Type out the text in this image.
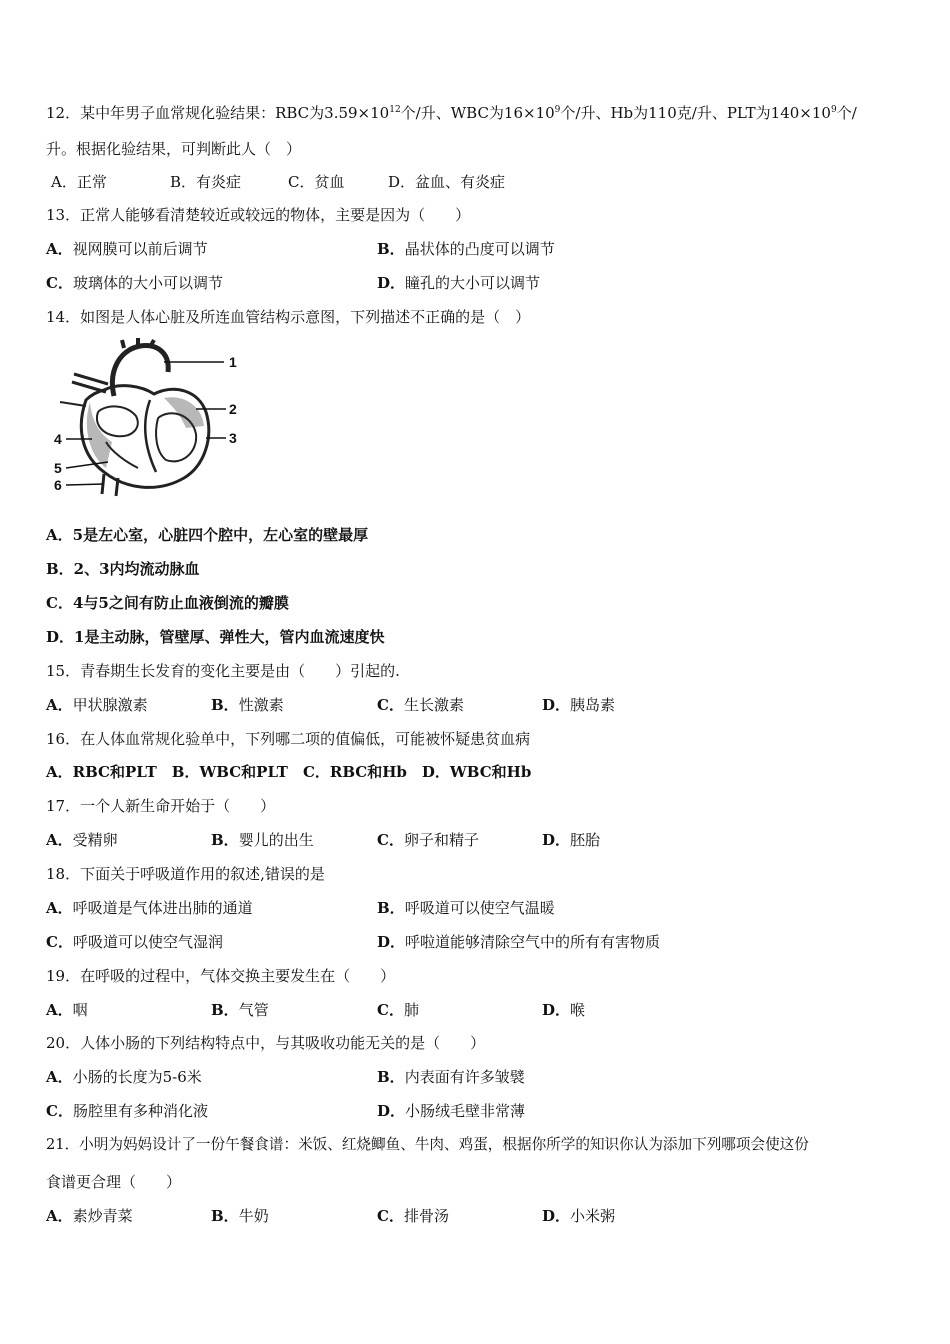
12．某中年男子血常规化验结果：RBC为$3.59\times 10^{12}$个/升、WBC为$16\times 10^9$个/升、Hb为110克/升、PLT为$140\times 10^9$个/
升。根据化验结果，可判断此人（　）
A．正常	B．有炎症	C．贫血	D．盆血、有炎症
13．正常人能够看清楚较近或较远的物体，主要是因为（　　）
A．视网膜可以前后调节	B．晶状体的凸度可以调节
C．玻璃体的大小可以调节	D．瞳孔的大小可以调节
14．如图是人体心脏及所连血管结构示意图，下列描述不正确的是（　）
1
2
3
4
5
6
A．5是左心室，心脏四个腔中，左心室的壁最厚
B．2、3内均流动脉血
C．4与5之间有防止血液倒流的瓣膜
D．1是主动脉，管壁厚、弹性大，管内血流速度快
15．青春期生长发育的变化主要是由（　　）引起的.
A．甲状腺激素	B．性激素	C．生长激素	D．胰岛素
16．在人体血常规化验单中，下列哪二项的值偏低，可能被怀疑患贫血病
A．RBC和PLT　B．WBC和PLT　C．RBC和Hb　D．WBC和Hb
17．一个人新生命开始于（　　）
A．受精卵	B．婴儿的出生	C．卵子和精子	D．胚胎
18．下面关于呼吸道作用的叙述,错误的是
A．呼吸道是气体进出肺的通道	B．呼吸道可以使空气温暖
C．呼吸道可以使空气湿润	D．呼啦道能够清除空气中的所有有害物质
19．在呼吸的过程中，气体交换主要发生在（　　）
A．咽	B．气管	C．肺	D．喉
20．人体小肠的下列结构特点中，与其吸收功能无关的是（　　）
A．小肠的长度为5-6米	B．内表面有许多皱襞
C．肠腔里有多种消化液	D．小肠绒毛壁非常薄
21．小明为妈妈设计了一份午餐食谱：米饭、红烧鲫鱼、牛肉、鸡蛋，根据你所学的知识你认为添加下列哪项会使这份
食谱更合理（　　）
A．素炒青菜	B．牛奶	C．排骨汤	D．小米粥
